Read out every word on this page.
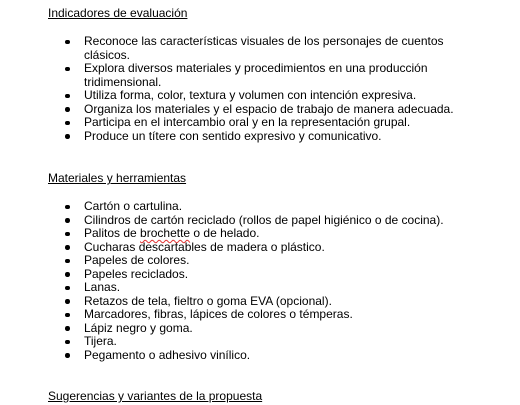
Indicadores de evaluación
Reconoce las características visuales de los personajes de cuentos clásicos.
Explora diversos materiales y procedimientos en una producción tridimensional.
Utiliza forma, color, textura y volumen con intención expresiva.
Organiza los materiales y el espacio de trabajo de manera adecuada.
Participa en el intercambio oral y en la representación grupal.
Produce un títere con sentido expresivo y comunicativo.
Materiales y herramientas
Cartón o cartulina.
Cilindros de cartón reciclado (rollos de papel higiénico o de cocina).
Palitos de brochette o de helado.
Cucharas descartables de madera o plástico.
Papeles de colores.
Papeles reciclados.
Lanas.
Retazos de tela, fieltro o goma EVA (opcional).
Marcadores, fibras, lápices de colores o témperas.
Lápiz negro y goma.
Tijera.
Pegamento o adhesivo vinílico.
Sugerencias y variantes de la propuesta
